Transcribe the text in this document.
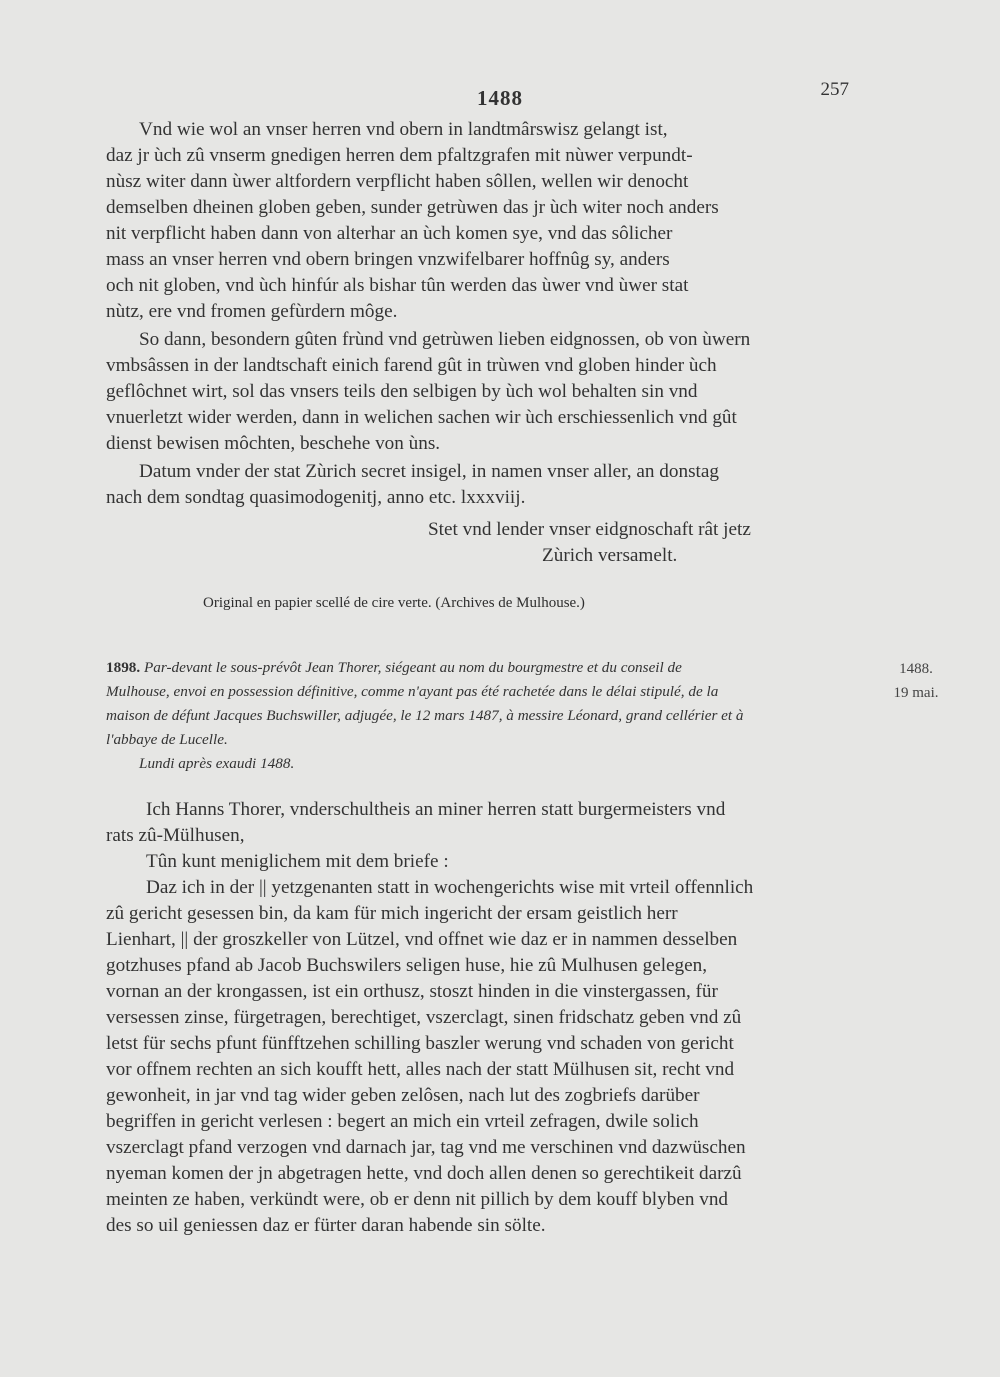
1488	257
Vnd wie wol an vnser herren vnd obern in landtmârswisz gelangt ist,
daz jr ùch zû vnserm gnedigen herren dem pfaltzgrafen mit nùwer verpundt-
nùsz witer dann ùwer altfordern verpflicht haben sôllen, wellen wir denocht
demselben dheinen globen geben, sunder getrùwen das jr ùch witer noch anders
nit verpflicht haben dann von alterhar an ùch komen sye, vnd das sôlicher
mass an vnser herren vnd obern bringen vnzwifelbarer hoffnûg sy, anders
och nit globen, vnd ùch hinfúr als bishar tûn werden das ùwer vnd ùwer stat
nùtz, ere vnd fromen gefùrdern môge.
So dann, besondern gûten frùnd vnd getrùwen lieben eidgnossen, ob von ùwern
vmbsâssen in der landtschaft einich farend gût in trùwen vnd globen hinder ùch
geflôchnet wirt, sol das vnsers teils den selbigen by ùch wol behalten sin vnd
vnuerletzt wider werden, dann in welichen sachen wir ùch erschiessenlich vnd gût
dienst bewisen môchten, beschehe von ùns.
Datum vnder der stat Zùrich secret insigel, in namen vnser aller, an donstag
nach dem sondtag quasimodogenitj, anno etc. lxxxviij.
Stet vnd lender vnser eidgnoschaft rât jetz
Zùrich versamelt.
Original en papier scellé de cire verte. (Archives de Mulhouse.)
1898. Par-devant le sous-prévôt Jean Thorer, siégeant au nom du bourgmestre et du conseil de
Mulhouse, envoi en possession définitive, comme n'ayant pas été rachetée dans le délai stipulé, de la
maison de défunt Jacques Buchswiller, adjugée, le 12 mars 1487, à messire Léonard, grand cellérier et à
l'abbaye de Lucelle.
Lundi après exaudi 1488.
1488.
19 mai.
Ich Hanns Thorer, vnderschultheis an miner herren statt burgermeisters vnd
rats zû-Mülhusen,
Tûn kunt meniglichem mit dem briefe :
Daz ich in der || yetzgenanten statt in wochengerichts wise mit vrteil offennlich
zû gericht gesessen bin, da kam für mich ingericht der ersam geistlich herr
Lienhart, || der groszkeller von Lützel, vnd offnet wie daz er in nammen desselben
gotzhuses pfand ab Jacob Buchswilers seligen huse, hie zû Mulhusen gelegen,
vornan an der krongassen, ist ein orthusz, stoszt hinden in die vinstergassen, für
versessen zinse, fürgetragen, berechtiget, vszerclagt, sinen fridschatz geben vnd zû
letst für sechs pfunt fünfftzehen schilling baszler werung vnd schaden von gericht
vor offnem rechten an sich koufft hett, alles nach der statt Mülhusen sit, recht vnd
gewonheit, in jar vnd tag wider geben zelôsen, nach lut des zogbriefs darüber
begriffen in gericht verlesen : begert an mich ein vrteil zefragen, dwile solich
vszerclagt pfand verzogen vnd darnach jar, tag vnd me verschinen vnd dazwüschen
nyeman komen der jn abgetragen hette, vnd doch allen denen so gerechtikeit darzû
meinten ze haben, verkündt were, ob er denn nit pillich by dem kouff blyben vnd
des so uil geniessen daz er fürter daran habende sin sölte.
